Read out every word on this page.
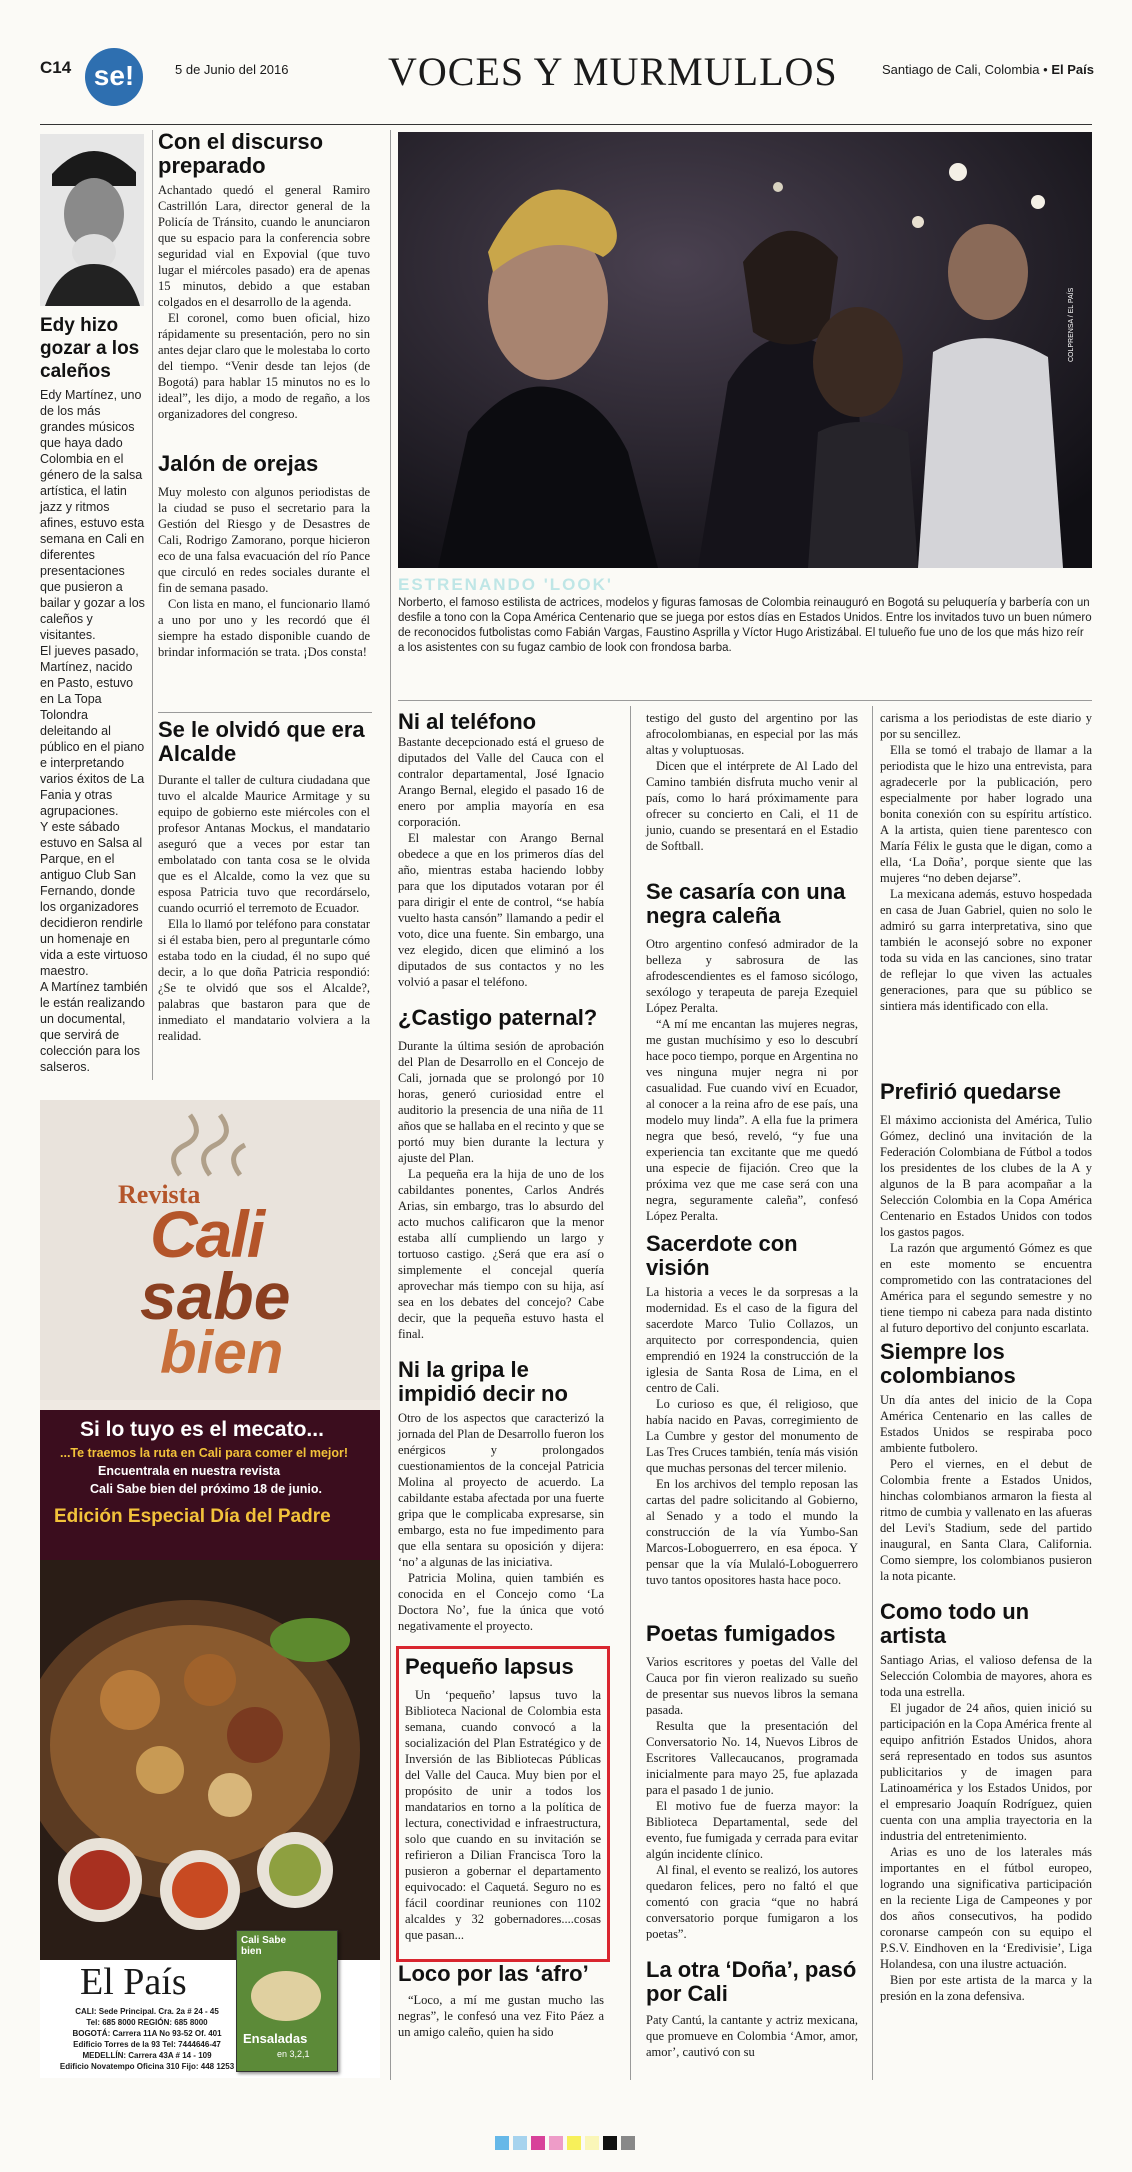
C14 se!	5 de Junio del 2016 VOCES Y MURMULLOS	Santiago de Cali, Colombia • El País
Edy hizo gozar a los caleños

Edy Martínez, uno de los más grandes músicos que haya dado Colombia en el género de la salsa artística, el latin jazz y ritmos afines, estuvo esta semana en Cali en diferentes presentaciones que pusieron a bailar y gozar a los caleños y visitantes.

El jueves pasado, Martínez, nacido en Pasto, estuvo en La Topa Tolondra deleitando al público en el piano e interpretando varios éxitos de La Fania y otras agrupaciones.

Y este sábado estuvo en Salsa al Parque, en el antiguo Club San Fernando, donde los organizadores decidieron rendirle un homenaje en vida a este virtuoso maestro.

A Martínez también le están realizando un documental, que servirá de colección para los salseros.

Con el discurso preparado

Achantado quedó el general Ramiro Castrillón Lara, director general de la Policía de Tránsito, cuando le anunciaron que su espacio para la conferencia sobre seguridad vial en Expovial (que tuvo lugar el miércoles pasado) era de apenas 15 minutos, debido a que estaban colgados en el desarrollo de la agenda.

El coronel, como buen oficial, hizo rápidamente su presentación, pero no sin antes dejar claro que le molestaba lo corto del tiempo. “Venir desde tan lejos (de Bogotá) para hablar 15 minutos no es lo ideal”, les dijo, a modo de regaño, a los organizadores del congreso.

Jalón de orejas

Muy molesto con algunos periodistas de la ciudad se puso el secretario para la Gestión del Riesgo y de Desastres de Cali, Rodrigo Zamorano, porque hicieron eco de una falsa evacuación del río Pance que circuló en redes sociales durante el fin de semana pasado.

Con lista en mano, el funcionario llamó a uno por uno y les recordó que él siempre ha estado disponible cuando de brindar información se trata. ¡Dos consta!

Se le olvidó que era Alcalde

Durante el taller de cultura ciudadana que tuvo el alcalde Maurice Armitage y su equipo de gobierno este miércoles con el profesor Antanas Mockus, el mandatario aseguró que a veces por estar tan embolatado con tanta cosa se le olvida que es el Alcalde, como la vez que su esposa Patricia tuvo que recordárselo, cuando ocurrió el terremoto de Ecuador.

Ella lo llamó por teléfono para constatar si él estaba bien, pero al preguntarle cómo estaba todo en la ciudad, él no supo qué decir, a lo que doña Patricia respondió: ¿Se te olvidó que sos el Alcalde?, palabras que bastaron para que de inmediato el mandatario volviera a la realidad.

COLPRENSA / EL PAÍS
ESTRENANDO 'LOOK'
Norberto, el famoso estilista de actrices, modelos y figuras famosas de Colombia reinauguró en Bogotá su peluquería y barbería con un desfile a tono con la Copa América Centenario que se juega por estos días en Estados Unidos. Entre los invitados tuvo un buen número de reconocidos futbolistas como Fabián Vargas, Faustino Asprilla y Víctor Hugo Aristizábal. El tulueño fue uno de los que más hizo reír a los asistentes con su fugaz cambio de look con frondosa barba.
Ni al teléfono

Bastante decepcionado está el grueso de diputados del Valle del Cauca con el contralor departamental, José Ignacio Arango Bernal, elegido el pasado 16 de enero por amplia mayoría en esa corporación.

El malestar con Arango Bernal obedece a que en los primeros días del año, mientras estaba haciendo lobby para que los diputados votaran por él para dirigir el ente de control, “se había vuelto hasta cansón” llamando a pedir el voto, dice una fuente. Sin embargo, una vez elegido, dicen que eliminó a los diputados de sus contactos y no les volvió a pasar el teléfono.

¿Castigo paternal?

Durante la última sesión de aprobación del Plan de Desarrollo en el Concejo de Cali, jornada que se prolongó por 10 horas, generó curiosidad entre el auditorio la presencia de una niña de 11 años que se hallaba en el recinto y que se portó muy bien durante la lectura y ajuste del Plan.

La pequeña era la hija de uno de los cabildantes ponentes, Carlos Andrés Arias, sin embargo, tras lo absurdo del acto muchos calificaron que la menor estaba allí cumpliendo un largo y tortuoso castigo. ¿Será que era así o simplemente el concejal quería aprovechar más tiempo con su hija, así sea en los debates del concejo? Cabe decir, que la pequeña estuvo hasta el final.

Ni la gripa le impidió decir no

Otro de los aspectos que caracterizó la jornada del Plan de Desarrollo fueron los enérgicos y prolongados cuestionamientos de la concejal Patricia Molina al proyecto de acuerdo. La cabildante estaba afectada por una fuerte gripa que le complicaba expresarse, sin embargo, esta no fue impedimento para que ella sentara su oposición y dijera: ‘no’ a algunas de las iniciativa.

Patricia Molina, quien también es conocida en el Concejo como ‘La Doctora No’, fue la única que votó negativamente el proyecto.

Pequeño lapsus

Un ‘pequeño’ lapsus tuvo la Biblioteca Nacional de Colombia esta semana, cuando convocó a la socialización del Plan Estratégico y de Inversión de las Bibliotecas Públicas del Valle del Cauca. Muy bien por el propósito de unir a todos los mandatarios en torno a la política de lectura, conectividad e infraestructura, solo que cuando en su invitación se refirieron a Dilian Francisca Toro la pusieron a gobernar el departamento equivocado: el Caquetá. Seguro no es fácil coordinar reuniones con 1102 alcaldes y 32 gobernadores....cosas que pasan...

Loco por las ‘afro’

“Loco, a mí me gustan mucho las negras”, le confesó una vez Fito Páez a un amigo caleño, quien ha sido

testigo del gusto del argentino por las afrocolombianas, en especial por las más altas y voluptuosas.

Dicen que el intérprete de Al Lado del Camino también disfruta mucho venir al país, como lo hará próximamente para ofrecer su concierto en Cali, el 11 de junio, cuando se presentará en el Estadio de Softball.

Se casaría con una negra caleña

Otro argentino confesó admirador de la belleza y sabrosura de las afrodescendientes es el famoso sicólogo, sexólogo y terapeuta de pareja Ezequiel López Peralta.

“A mí me encantan las mujeres negras, me gustan muchísimo y eso lo descubrí hace poco tiempo, porque en Argentina no ves ninguna mujer negra ni por casualidad. Fue cuando viví en Ecuador, al conocer a la reina afro de ese país, una modelo muy linda”. A ella fue la primera negra que besó, reveló, “y fue una experiencia tan excitante que me quedó una especie de fijación. Creo que la próxima vez que me case será con una negra, seguramente caleña”, confesó López Peralta.

Sacerdote con visión

La historia a veces le da sorpresas a la modernidad. Es el caso de la figura del sacerdote Marco Tulio Collazos, un arquitecto por correspondencia, quien emprendió en 1924 la construcción de la iglesia de Santa Rosa de Lima, en el centro de Cali.

Lo curioso es que, él religioso, que había nacido en Pavas, corregimiento de La Cumbre y gestor del monumento de Las Tres Cruces también, tenía más visión que muchas personas del tercer milenio.

En los archivos del templo reposan las cartas del padre solicitando al Gobierno, al Senado y a todo el mundo la construcción de la vía Yumbo-San Marcos-Loboguerrero, en esa época. Y pensar que la vía Mulaló-Loboguerrero tuvo tantos opositores hasta hace poco.

Poetas fumigados

Varios escritores y poetas del Valle del Cauca por fin vieron realizado su sueño de presentar sus nuevos libros la semana pasada.

Resulta que la presentación del Conversatorio No. 14, Nuevos Libros de Escritores Vallecaucanos, programada inicialmente para mayo 25, fue aplazada para el pasado 1 de junio.

El motivo fue de fuerza mayor: la Biblioteca Departamental, sede del evento, fue fumigada y cerrada para evitar algún incidente clínico.

Al final, el evento se realizó, los autores quedaron felices, pero no faltó el que comentó con gracia “que no habrá conversatorio porque fumigaron a los poetas”.

La otra ‘Doña’, pasó por Cali

Paty Cantú, la cantante y actriz mexicana, que promueve en Colombia ‘Amor, amor, amor’, cautivó con su

carisma a los periodistas de este diario y por su sencillez.

Ella se tomó el trabajo de llamar a la periodista que le hizo una entrevista, para agradecerle por la publicación, pero especialmente por haber logrado una bonita conexión con su espíritu artístico. A la artista, quien tiene parentesco con María Félix le gusta que le digan, como a ella, ‘La Doña’, porque siente que las mujeres “no deben dejarse”.

La mexicana además, estuvo hospedada en casa de Juan Gabriel, quien no solo le admiró su garra interpretativa, sino que también le aconsejó sobre no exponer toda su vida en las canciones, sino tratar de reflejar lo que viven las actuales generaciones, para que su público se sintiera más identificado con ella.

Prefirió quedarse

El máximo accionista del América, Tulio Gómez, declinó una invitación de la Federación Colombiana de Fútbol a todos los presidentes de los clubes de la A y algunos de la B para acompañar a la Selección Colombia en la Copa América Centenario en Estados Unidos con todos los gastos pagos.

La razón que argumentó Gómez es que en este momento se encuentra comprometido con las contrataciones del América para el segundo semestre y no tiene tiempo ni cabeza para nada distinto al futuro deportivo del conjunto escarlata.

Siempre los colombianos

Un día antes del inicio de la Copa América Centenario en las calles de Estados Unidos se respiraba poco ambiente futbolero.

Pero el viernes, en el debut de Colombia frente a Estados Unidos, hinchas colombianos armaron la fiesta al ritmo de cumbia y vallenato en las afueras del Levi's Stadium, sede del partido inaugural, en Santa Clara, California. Como siempre, los colombianos pusieron la nota picante.

Como todo un artista

Santiago Arias, el valioso defensa de la Selección Colombia de mayores, ahora es toda una estrella.

El jugador de 24 años, quien inició su participación en la Copa América frente al equipo anfitrión Estados Unidos, ahora será representado en todos sus asuntos publicitarios y de imagen para Latinoamérica y los Estados Unidos, por el empresario Joaquín Rodríguez, quien cuenta con una amplia trayectoria en la industria del entretenimiento.

Arias es uno de los laterales más importantes en el fútbol europeo, logrando una significativa participación en la reciente Liga de Campeones y por dos años consecutivos, ha podido coronarse campeón con su equipo el P.S.V. Eindhoven en la ‘Eredivisie’, Liga Holandesa, con una ilustre actuación.

Bien por este artista de la marca y la presión en la zona defensiva.

Revista
Cali
sabe
bien
Si lo tuyo es el mecato...
...Te traemos la ruta en Cali para comer el mejor!
Encuentrala en nuestra revista
Cali Sabe bien del próximo 18 de junio.
Edición Especial Día del Padre
El País
CALI: Sede Principal. Cra. 2a # 24 - 45
Tel: 685 8000 REGIÓN: 685 8000
BOGOTÁ: Carrera 11A No 93-52 Of. 401
Edificio Torres de la 93 Tel: 7444646-47
MEDELLÍN: Carrera 43A # 14 - 109
Edificio Novatempo Oficina 310 Fijo: 448 1253
Cali Sabe bien
Ensaladas
en 3,2,1
